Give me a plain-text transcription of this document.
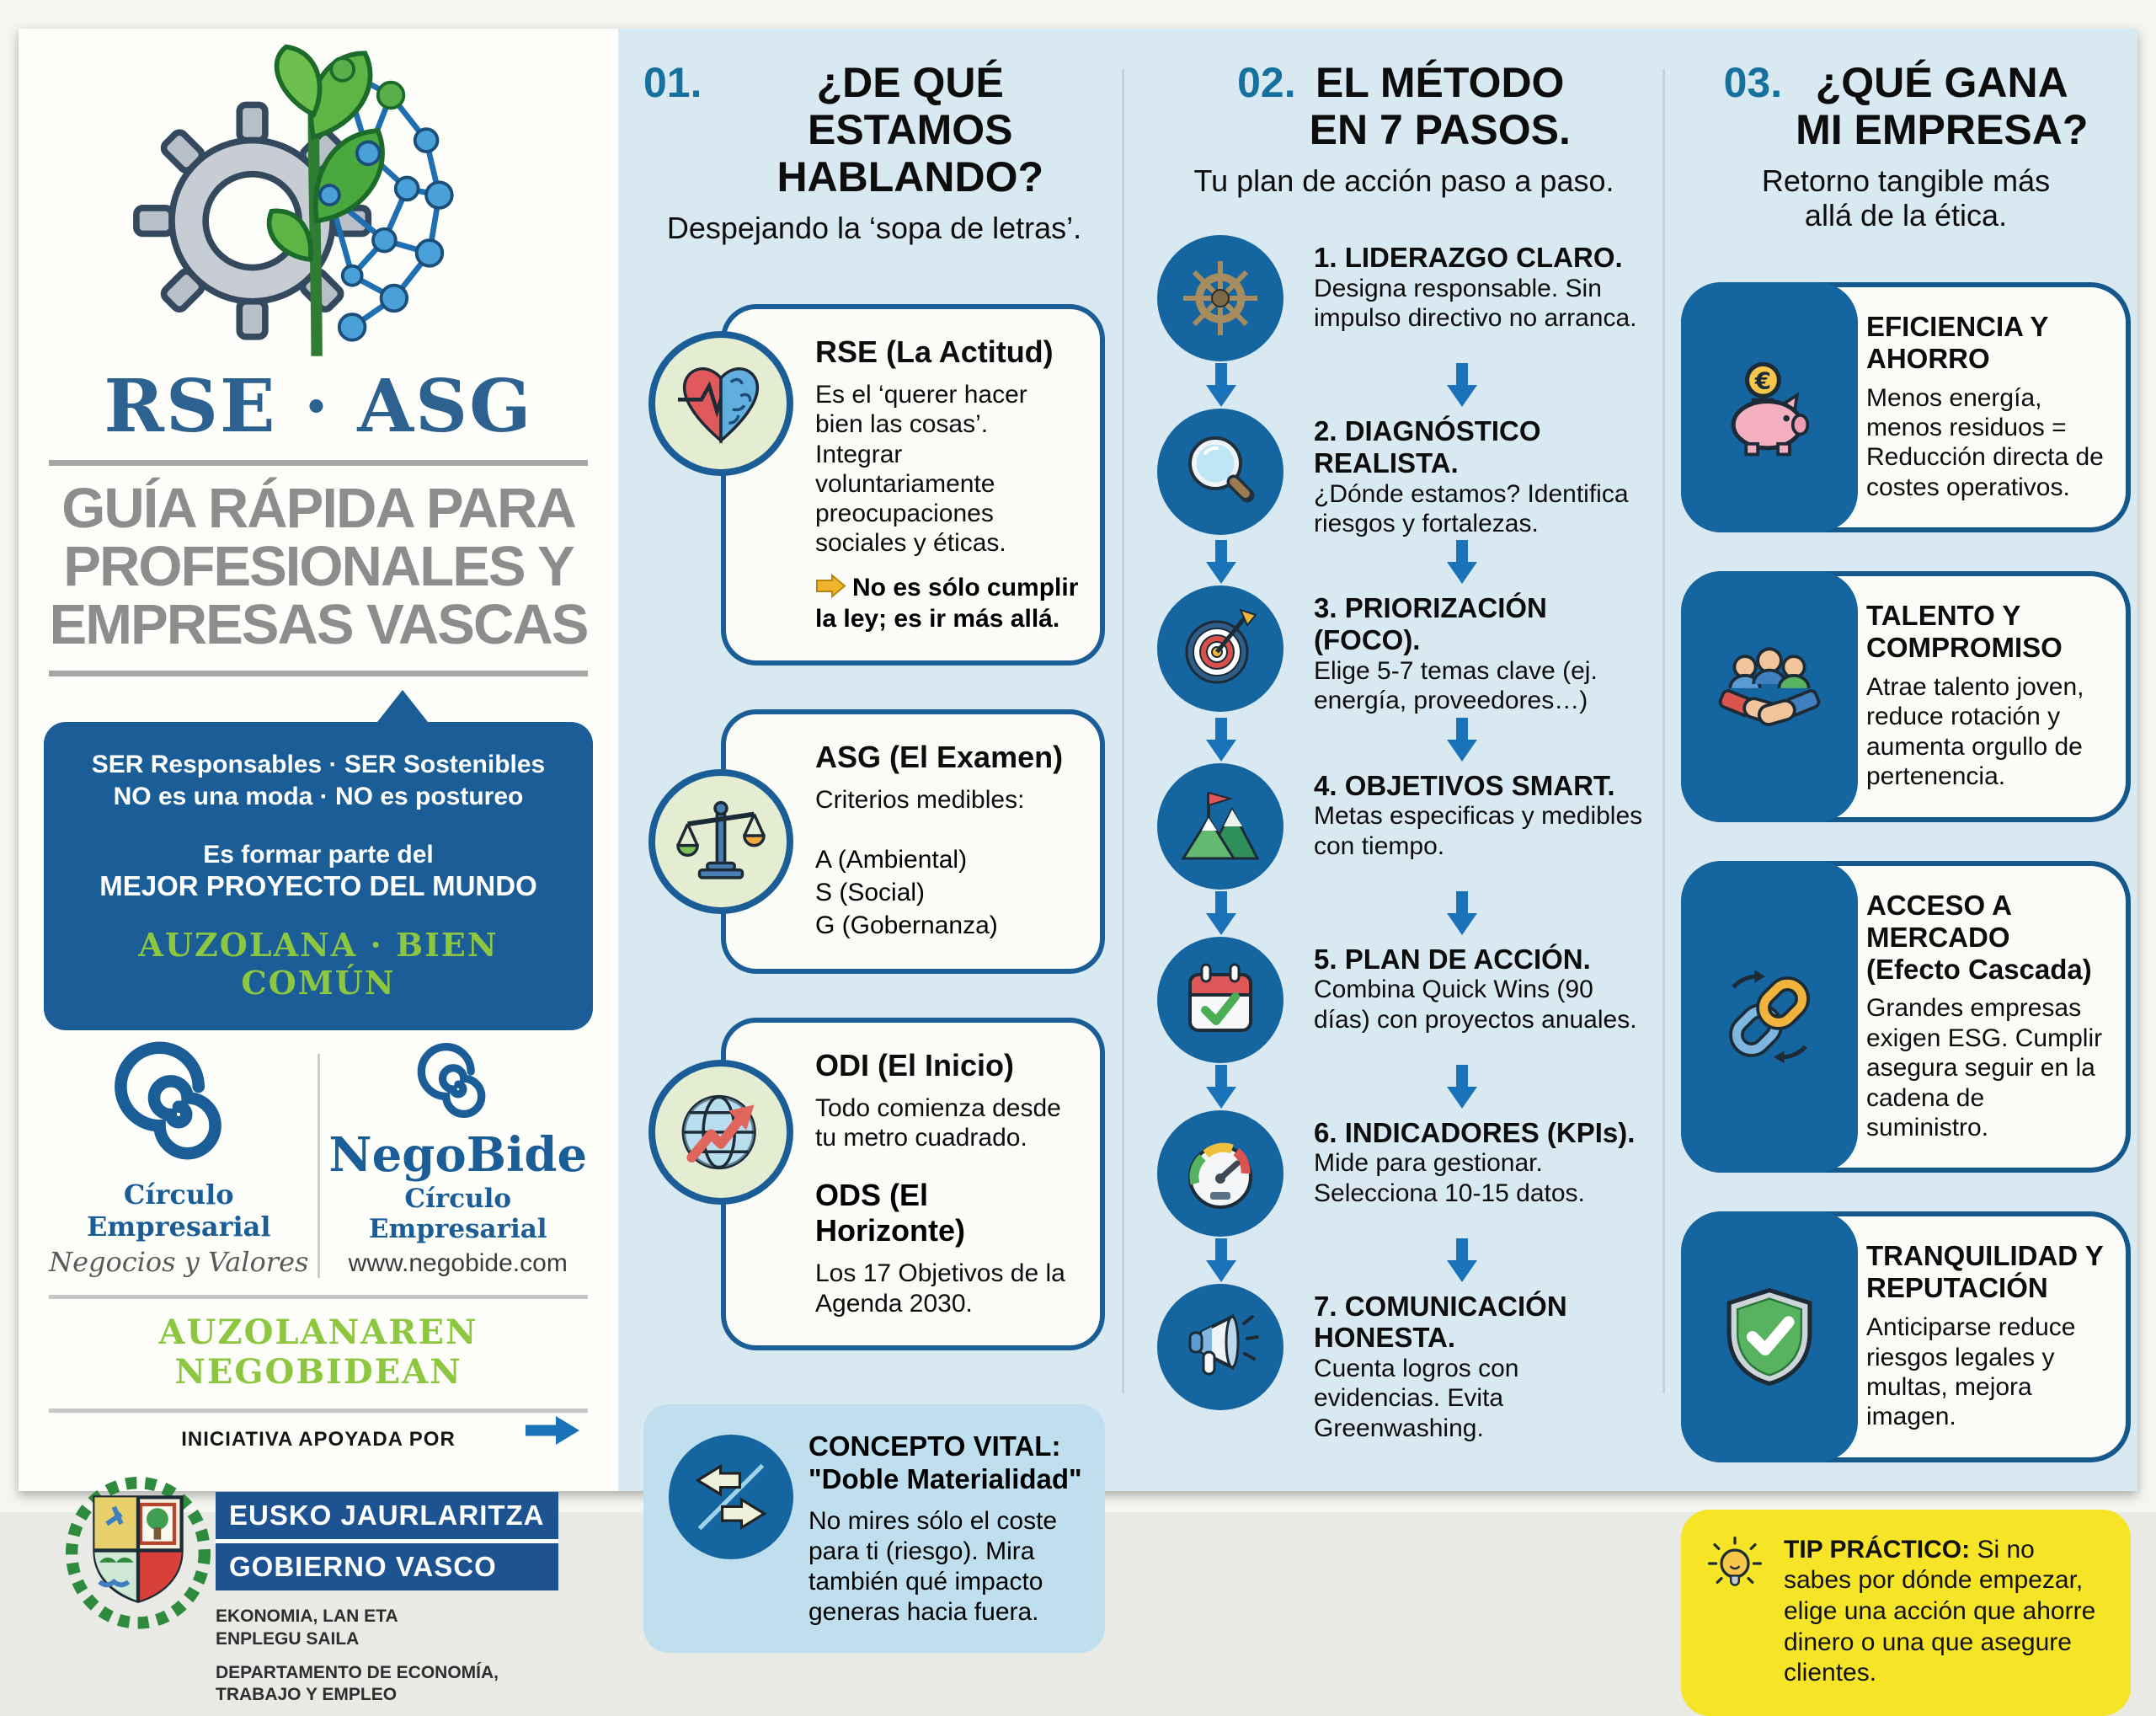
RSE · ASG
GUÍA RÁPIDA PARA
PROFESIONALES Y
EMPRESAS VASCAS
SER Responsables · SER Sostenibles
NO es una moda · NO es postureo
Es formar parte del
MEJOR PROYECTO DEL MUNDO
AUZOLANA · BIEN COMÚN
Círculo Empresarial
Negocios y Valores
NegoBide
Círculo Empresarial
www.negobide.com
AUZOLANAREN NEGOBIDEAN
INICIATIVA APOYADA POR
EUSKO JAURLARITZA
GOBIERNO VASCO
EKONOMIA, LAN ETA
ENPLEGU SAILA
DEPARTAMENTO DE ECONOMÍA,
TRABAJO Y EMPLEO
01.	¿DE QUÉ ESTAMOS
HABLANDO?
Despejando la ‘sopa de letras’.
RSE (La Actitud)
Es el ‘querer hacer bien las cosas’. Integrar voluntariamente preocupaciones sociales y éticas.
No es sólo cumplir la ley; es ir más allá.
ASG (El Examen)
Criterios medibles:
A (Ambiental)
S (Social)
G (Gobernanza)
ODI (El Inicio)
Todo comienza desde tu metro cuadrado.
ODS (El Horizonte)
Los 17 Objetivos de la Agenda 2030.
CONCEPTO VITAL:
"Doble Materialidad"
No mires sólo el coste para ti (riesgo). Mira también qué impacto generas hacia fuera.
02. EL MÉTODO
EN 7 PASOS.
Tu plan de acción paso a paso.
1. LIDERAZGO CLARO.
Designa responsable. Sin impulso directivo no arranca.
2. DIAGNÓSTICO REALISTA.
¿Dónde estamos? Identifica riesgos y fortalezas.
3. PRIORIZACIÓN (FOCO).
Elige 5-7 temas clave (ej. energía, proveedores…)
4. OBJETIVOS SMART.
Metas especificas y medibles con tiempo.
5. PLAN DE ACCIÓN.
Combina Quick Wins (90 días) con proyectos anuales.
6. INDICADORES (KPIs).
Mide para gestionar. Selecciona 10-15 datos.
7. COMUNICACIÓN HONESTA.
Cuenta logros con evidencias. Evita Greenwashing.
03. ¿QUÉ GANA
MI EMPRESA?
Retorno tangible más
allá de la ética.
€
EFICIENCIA Y AHORRO
Menos energía, menos residuos = Reducción directa de costes operativos.
TALENTO Y COMPROMISO
Atrae talento joven, reduce rotación y aumenta orgullo de pertenencia.
ACCESO A MERCADO (Efecto Cascada)
Grandes empresas exigen ESG. Cumplir asegura seguir en la cadena de suministro.
TRANQUILIDAD Y REPUTACIÓN
Anticiparse reduce riesgos legales y multas, mejora imagen.
TIP PRÁCTICO: Si no sabes por dónde empezar, elige una acción que ahorre dinero o una que asegure clientes.
